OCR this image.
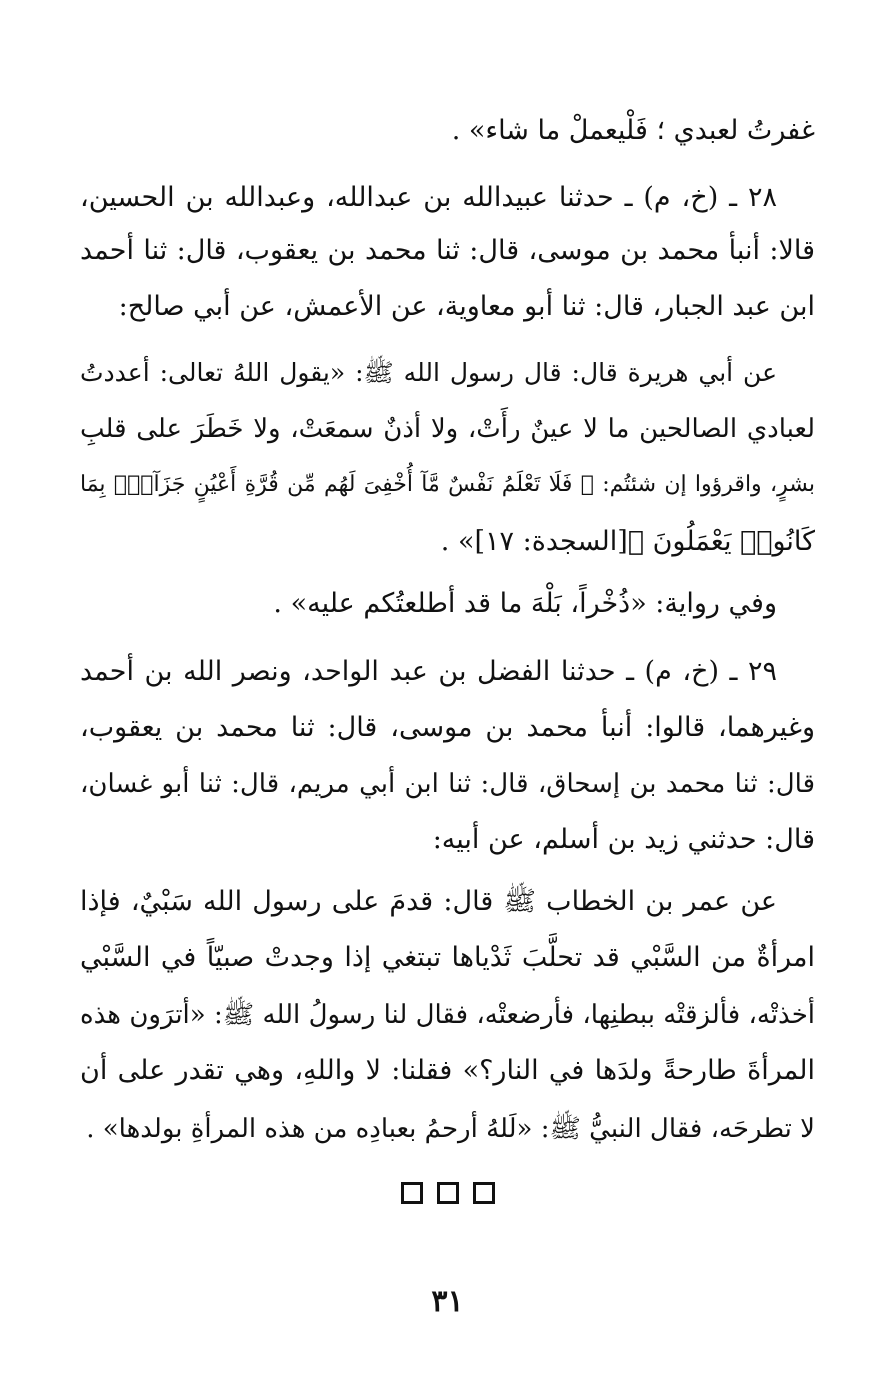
غفرتُ لعبدي ؛ فَلْيعملْ ما شاء» .
٢٨ ـ (خ، م) ـ حدثنا عبيدالله بن عبدالله، وعبدالله بن الحسين،
قالا: أنبأ محمد بن موسى، قال: ثنا محمد بن يعقوب، قال: ثنا أحمد
ابن عبد الجبار، قال: ثنا أبو معاوية، عن الأعمش، عن أبي صالح:
عن أبي هريرة قال: قال رسول الله ﷺ: «يقول اللهُ تعالى: أعددتُ
لعبادي الصالحين ما لا عينٌ رأَتْ، ولا أذنٌ سمعَتْ، ولا خَطَرَ على قلبِ
بشرٍ، واقرؤوا إن شئتُم: ﴿ فَلَا تَعْلَمُ نَفْسٌ مَّآ أُخْفِىَ لَهُم مِّن قُرَّةِ أَعْيُنٍ جَزَآءًۢ بِمَا
كَانُوا۟ يَعْمَلُونَ ﴾[السجدة: ١٧]» .
وفي رواية: «ذُخْراً، بَلْهَ ما قد أطلعتُكم عليه» .
٢٩ ـ (خ، م) ـ حدثنا الفضل بن عبد الواحد، ونصر الله بن أحمد
وغيرهما، قالوا: أنبأ محمد بن موسى، قال: ثنا محمد بن يعقوب،
قال: ثنا محمد بن إسحاق، قال: ثنا ابن أبي مريم، قال: ثنا أبو غسان،
قال: حدثني زيد بن أسلم، عن أبيه:
عن عمر بن الخطاب ﷺ قال: قدمَ على رسول الله سَبْيٌ، فإذا
امرأةٌ من السَّبْي قد تحلَّبَ ثَدْياها تبتغي إذا وجدتْ صبيّاً في السَّبْي
أخذتْه، فألزقتْه ببطنِها، فأرضعتْه، فقال لنا رسولُ الله ﷺ: «أترَون هذه
المرأةَ طارحةً ولدَها في النار؟» فقلنا: لا واللهِ، وهي تقدر على أن
لا تطرحَه، فقال النبيُّ ﷺ: «لَلهُ أرحمُ بعبادِه من هذه المرأةِ بولدها» .
٣١
